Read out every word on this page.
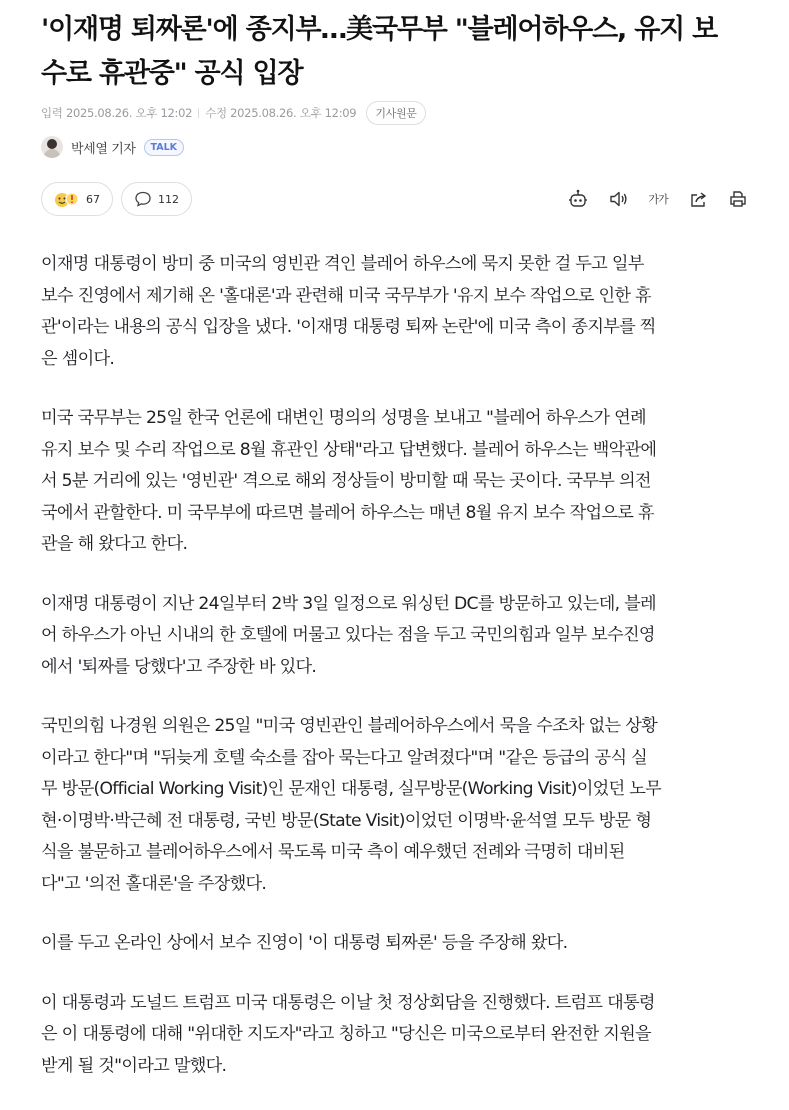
'이재명 퇴짜론'에 종지부…美국무부 "블레어하우스, 유지 보
수로 휴관중" 공식 입장
입력
2025.08.26. 오후 12:02 수정
2025.08.26. 오후 12:09	기사원문
박세열 기자	TALK
67	112	가가

이재명 대통령이 방미 중 미국의 영빈관 격인 블레어 하우스에 묵지 못한 걸 두고 일부
보수 진영에서 제기해 온 '홀대론'과 관련해 미국 국무부가 '유지 보수 작업으로 인한 휴
관'이라는 내용의 공식 입장을 냈다. '이재명 대통령 퇴짜 논란'에 미국 측이 종지부를 찍
은 셈이다.

미국 국무부는 25일 한국 언론에 대변인 명의의 성명을 보내고 "블레어 하우스가 연례
유지 보수 및 수리 작업으로 8월 휴관인 상태"라고 답변했다. 블레어 하우스는 백악관에
서 5분 거리에 있는 '영빈관' 격으로 해외 정상들이 방미할 때 묵는 곳이다. 국무부 의전
국에서 관할한다. 미 국무부에 따르면 블레어 하우스는 매년 8월 유지 보수 작업으로 휴
관을 해 왔다고 한다.

이재명 대통령이 지난 24일부터 2박 3일 일정으로 워싱턴 DC를 방문하고 있는데, 블레
어 하우스가 아닌 시내의 한 호텔에 머물고 있다는 점을 두고 국민의힘과 일부 보수진영
에서 '퇴짜를 당했다'고 주장한 바 있다.

국민의힘 나경원 의원은 25일 "미국 영빈관인 블레어하우스에서 묵을 수조차 없는 상황
이라고 한다"며 "뒤늦게 호텔 숙소를 잡아 묵는다고 알려졌다"며 "같은 등급의 공식 실
무 방문(Official Working Visit)인 문재인 대통령, 실무방문(Working Visit)이었던 노무
현·이명박·박근혜 전 대통령, 국빈 방문(State Visit)이었던 이명박·윤석열 모두 방문 형
식을 불문하고 블레어하우스에서 묵도록 미국 측이 예우했던 전례와 극명히 대비된
다"고 '의전 홀대론'을 주장했다.

이를 두고 온라인 상에서 보수 진영이 '이 대통령 퇴짜론' 등을 주장해 왔다.

이 대통령과 도널드 트럼프 미국 대통령은 이날 첫 정상회담을 진행했다. 트럼프 대통령
은 이 대통령에 대해 "위대한 지도자"라고 칭하고 "당신은 미국으로부터 완전한 지원을
받게 될 것"이라고 말했다.
